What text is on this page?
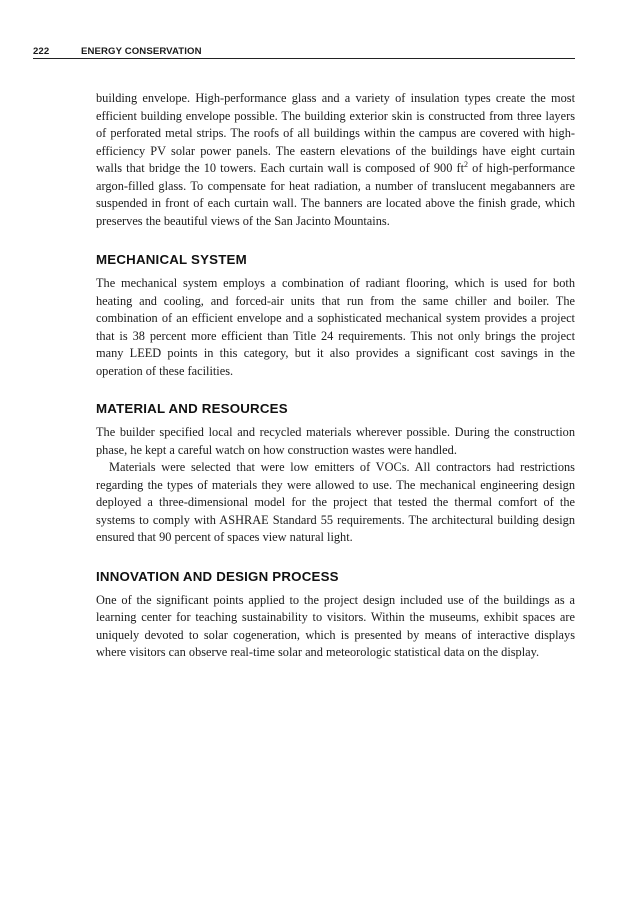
222	ENERGY CONSERVATION

building envelope. High-performance glass and a variety of insulation types create the most efficient building envelope possible. The building exterior skin is constructed from three layers of perforated metal strips. The roofs of all buildings within the campus are covered with high-efficiency PV solar power panels. The eastern elevations of the buildings have eight curtain walls that bridge the 10 towers. Each curtain wall is composed of 900 $ft^2$ of high-performance argon-filled glass. To compensate for heat radiation, a number of translucent megabanners are suspended in front of each curtain wall. The banners are located above the finish grade, which preserves the beautiful views of the San Jacinto Mountains.

MECHANICAL SYSTEM

The mechanical system employs a combination of radiant flooring, which is used for both heating and cooling, and forced-air units that run from the same chiller and boiler. The combination of an efficient envelope and a sophisticated mechanical system provides a project that is 38 percent more efficient than Title 24 requirements. This not only brings the project many LEED points in this category, but it also provides a significant cost savings in the operation of these facilities.

MATERIAL AND RESOURCES

The builder specified local and recycled materials wherever possible. During the construction phase, he kept a careful watch on how construction wastes were handled.

Materials were selected that were low emitters of VOCs. All contractors had restrictions regarding the types of materials they were allowed to use. The mechanical engineering design deployed a three-dimensional model for the project that tested the thermal comfort of the systems to comply with ASHRAE Standard 55 requirements. The architectural building design ensured that 90 percent of spaces view natural light.

INNOVATION AND DESIGN PROCESS

One of the significant points applied to the project design included use of the buildings as a learning center for teaching sustainability to visitors. Within the museums, exhibit spaces are uniquely devoted to solar cogeneration, which is presented by means of interactive displays where visitors can observe real-time solar and meteorologic statistical data on the display.
